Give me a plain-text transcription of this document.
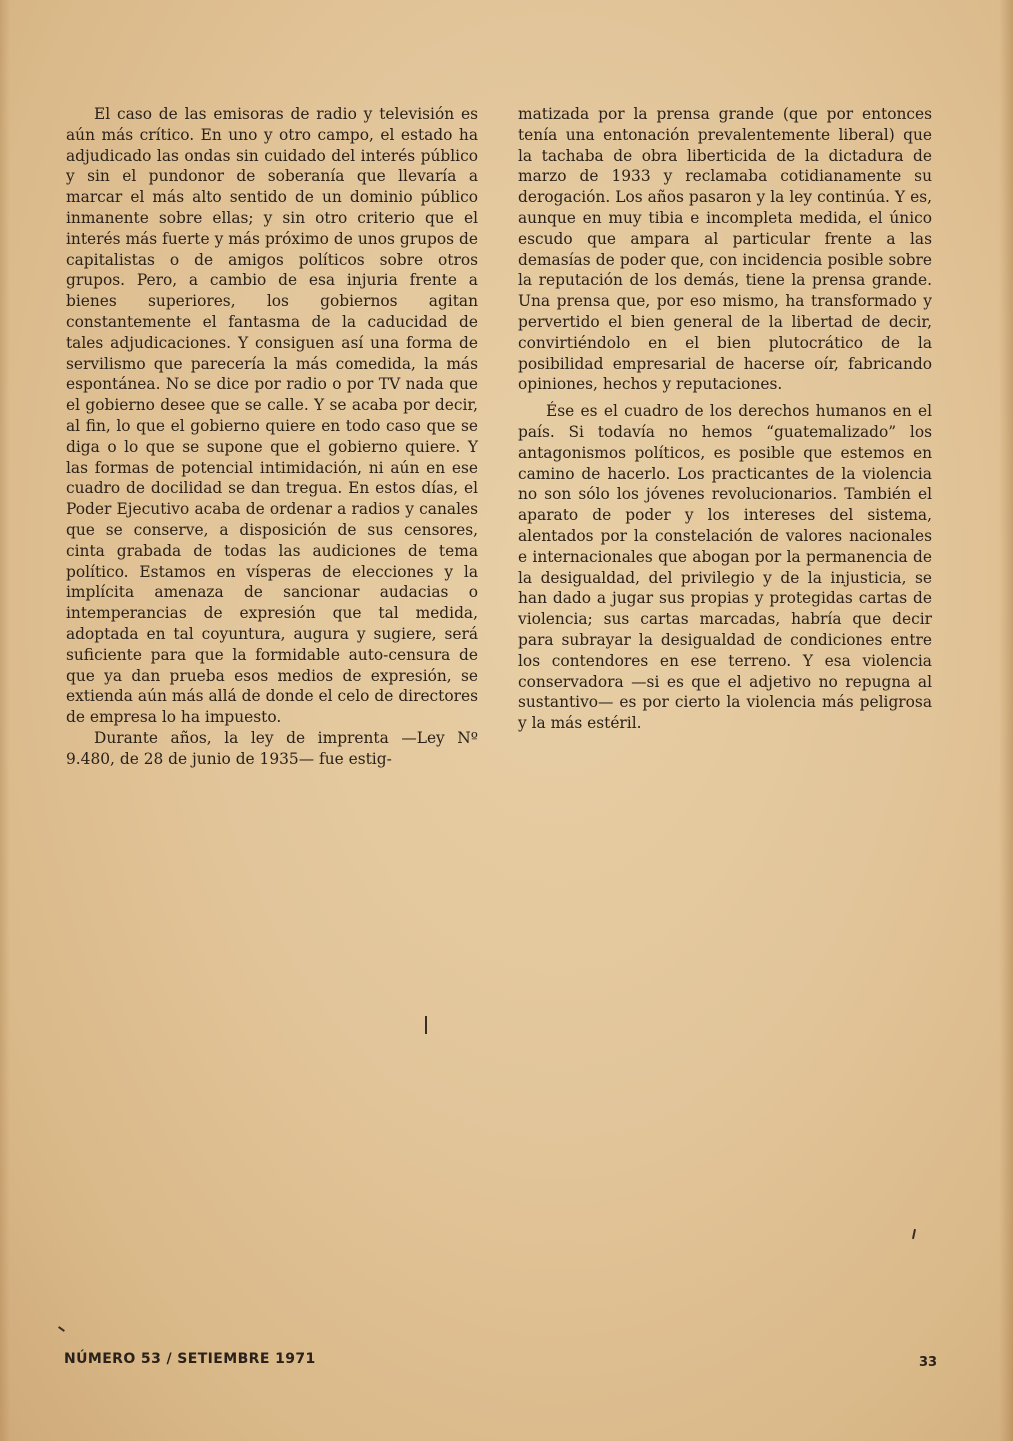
El caso de las emisoras de radio y televisión es aún más crítico. En uno y otro campo, el estado ha adjudicado las ondas sin cuidado del interés público y sin el pundonor de soberanía que llevaría a marcar el más alto sentido de un dominio público inmanente sobre ellas; y sin otro criterio que el interés más fuerte y más próximo de unos grupos de capitalistas o de amigos políticos sobre otros grupos. Pero, a cambio de esa injuria frente a bienes superiores, los gobiernos agitan constantemente el fantasma de la caducidad de tales adjudicaciones. Y consiguen así una forma de servilismo que parecería la más comedida, la más espontánea. No se dice por radio o por TV nada que el gobierno desee que se calle. Y se acaba por decir, al fin, lo que el gobierno quiere en todo caso que se diga o lo que se supone que el gobierno quiere. Y las formas de potencial intimidación, ni aún en ese cuadro de docilidad se dan tregua. En estos días, el Poder Ejecutivo acaba de ordenar a radios y canales que se conserve, a disposición de sus censores, cinta grabada de todas las audiciones de tema político. Estamos en vísperas de elecciones y la implícita amenaza de sancionar audacias o intemperancias de expresión que tal medida, adoptada en tal coyuntura, augura y sugiere, será suficiente para que la formidable auto-censura de que ya dan prueba esos medios de expresión, se extienda aún más allá de donde el celo de directores de empresa lo ha impuesto.

Durante años, la ley de imprenta —Ley Nº 9.480, de 28 de junio de 1935— fue estig-

matizada por la prensa grande (que por entonces tenía una entonación prevalentemente liberal) que la tachaba de obra liberticida de la dictadura de marzo de 1933 y reclamaba cotidianamente su derogación. Los años pasaron y la ley continúa. Y es, aunque en muy tibia e incompleta medida, el único escudo que ampara al particular frente a las demasías de poder que, con incidencia posible sobre la reputación de los demás, tiene la prensa grande. Una prensa que, por eso mismo, ha transformado y pervertido el bien general de la libertad de decir, convirtiéndolo en el bien plutocrático de la posibilidad empresarial de hacerse oír, fabricando opiniones, hechos y reputaciones.

Ése es el cuadro de los derechos humanos en el país. Si todavía no hemos “guatemalizado” los antagonismos políticos, es posible que estemos en camino de hacerlo. Los practicantes de la violencia no son sólo los jóvenes revolucionarios. También el aparato de poder y los intereses del sistema, alentados por la constelación de valores nacionales e internacionales que abogan por la permanencia de la desigualdad, del privilegio y de la injusticia, se han dado a jugar sus propias y protegidas cartas de violencia; sus cartas marcadas, habría que decir para subrayar la desigualdad de condiciones entre los contendores en ese terreno. Y esa violencia conservadora —si es que el adjetivo no repugna al sustantivo— es por cierto la violencia más peligrosa y la más estéril.

NÚMERO 53 / SETIEMBRE 1971	33
